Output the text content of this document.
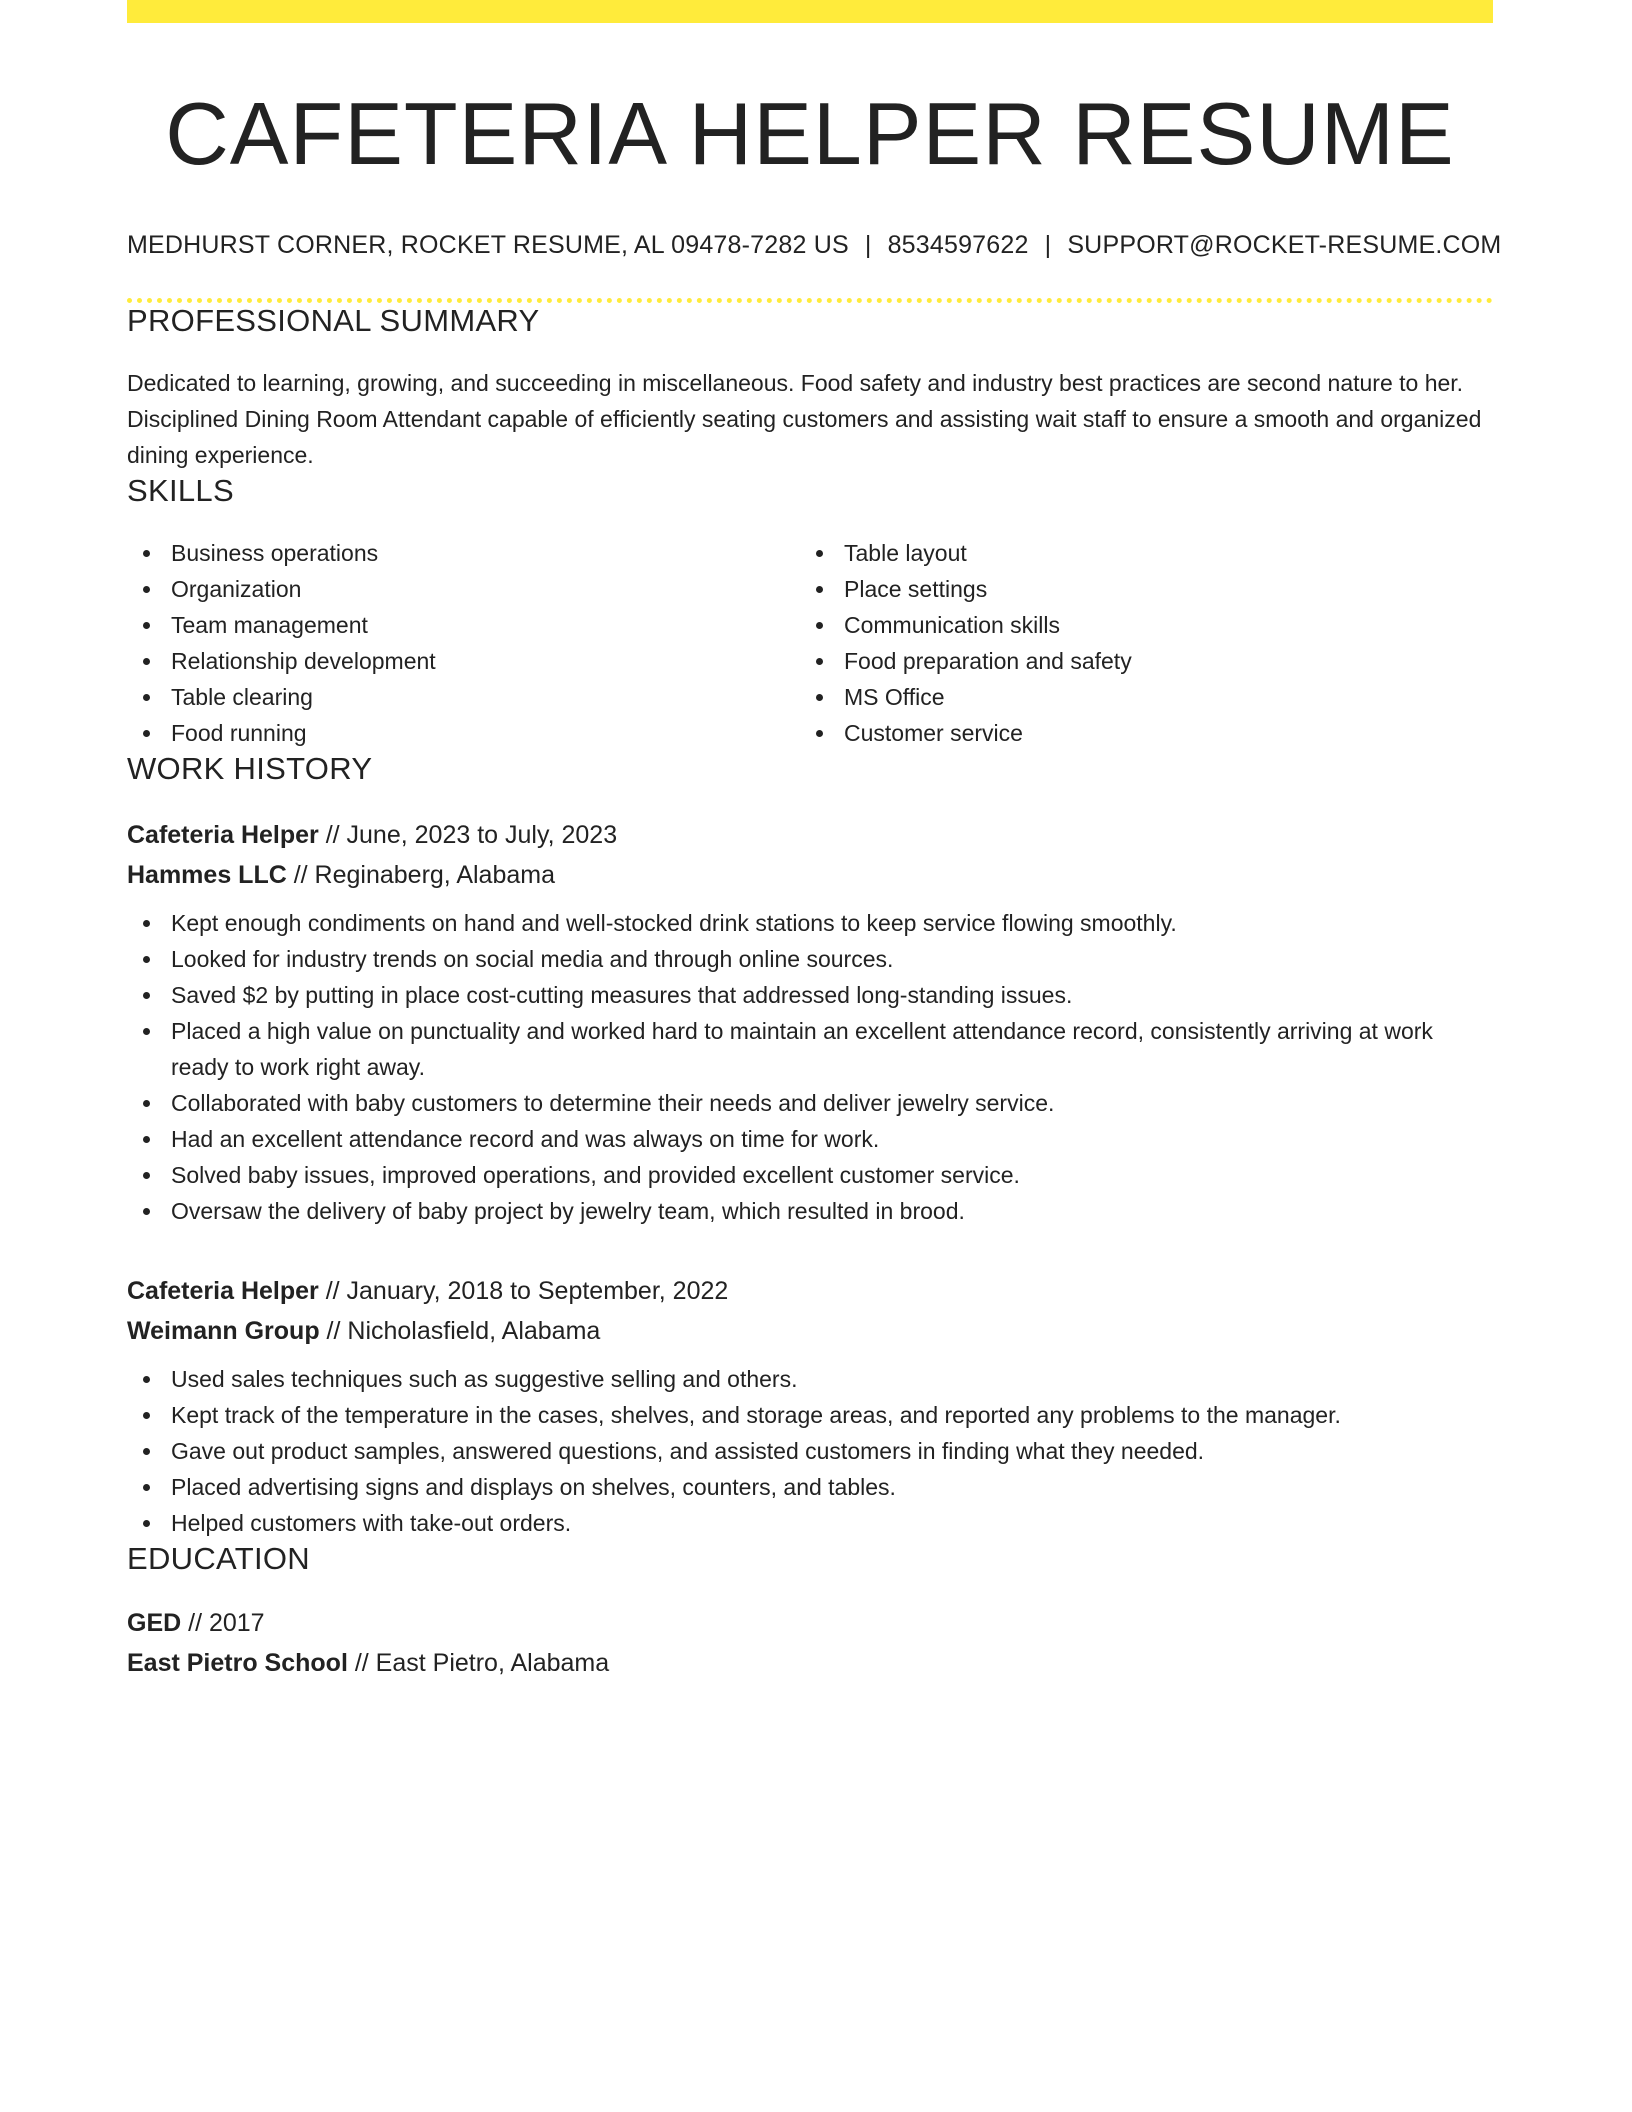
CAFETERIA HELPER RESUME
MEDHURST CORNER, ROCKET RESUME, AL 09478-7282 US | 8534597622 | SUPPORT@ROCKET-RESUME.COM
PROFESSIONAL SUMMARY

Dedicated to learning, growing, and succeeding in miscellaneous. Food safety and industry best practices are second nature to her. Disciplined Dining Room Attendant capable of efficiently seating customers and assisting wait staff to ensure a smooth and organized dining experience.

SKILLS
Business operations
Organization
Team management
Relationship development
Table clearing
Food running
Table layout
Place settings
Communication skills
Food preparation and safety
MS Office
Customer service
WORK HISTORY
Cafeteria Helper // June, 2023 to July, 2023
Hammes LLC // Reginaberg, Alabama
Kept enough condiments on hand and well-stocked drink stations to keep service flowing smoothly.
Looked for industry trends on social media and through online sources.
Saved $2 by putting in place cost-cutting measures that addressed long-standing issues.
Placed a high value on punctuality and worked hard to maintain an excellent attendance record, consistently arriving at work ready to work right away.
Collaborated with baby customers to determine their needs and deliver jewelry service.
Had an excellent attendance record and was always on time for work.
Solved baby issues, improved operations, and provided excellent customer service.
Oversaw the delivery of baby project by jewelry team, which resulted in brood.
Cafeteria Helper // January, 2018 to September, 2022
Weimann Group // Nicholasfield, Alabama
Used sales techniques such as suggestive selling and others.
Kept track of the temperature in the cases, shelves, and storage areas, and reported any problems to the manager.
Gave out product samples, answered questions, and assisted customers in finding what they needed.
Placed advertising signs and displays on shelves, counters, and tables.
Helped customers with take-out orders.
EDUCATION
GED // 2017
East Pietro School // East Pietro, Alabama
